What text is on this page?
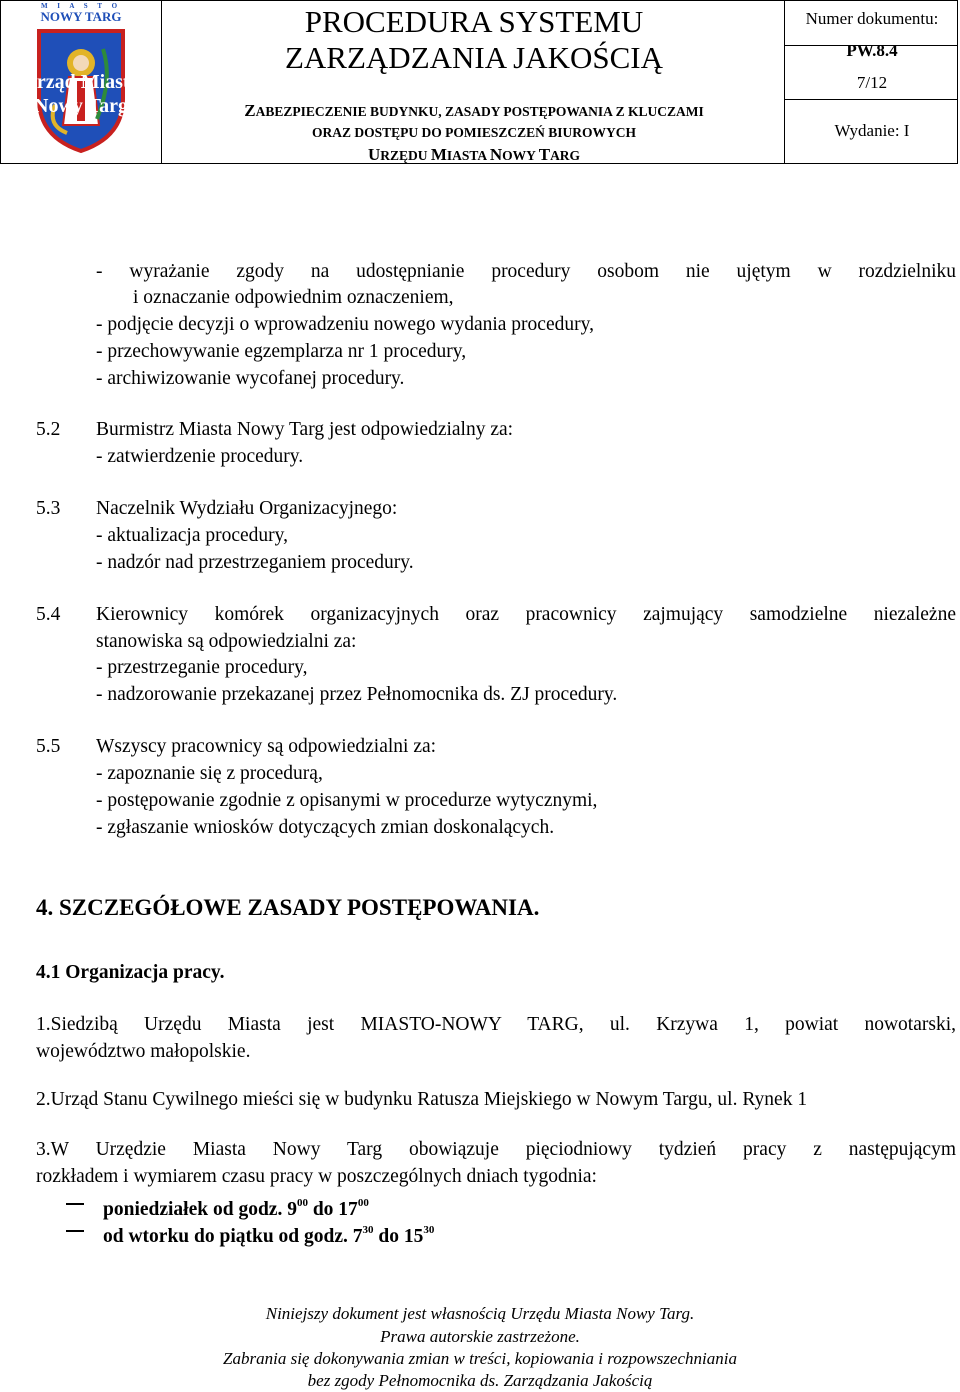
M I A S T O
NOWY TARG
Urząd Miasta
Nowy Targ
PROCEDURA SYSTEMU
ZARZĄDZANIA JAKOŚCIĄ
ZABEZPIECZENIE BUDYNKU, ZASADY POSTĘPOWANIA Z KLUCZAMI
ORAZ DOSTĘPU DO POMIESZCZEŃ BIUROWYCH
URZĘDU MIASTA NOWY TARG
Numer dokumentu:
PW.8.4
7/12
Wydanie: I
- wyrażanie zgody na udostępnianie procedury osobom nie ujętym w rozdzielniku
i oznaczanie odpowiednim oznaczeniem,
- podjęcie decyzji o wprowadzeniu nowego wydania procedury,
- przechowywanie egzemplarza nr 1 procedury,
- archiwizowanie wycofanej procedury.
5.2 Burmistrz Miasta Nowy Targ jest odpowiedzialny za:
- zatwierdzenie procedury.
5.3 Naczelnik Wydziału Organizacyjnego:
- aktualizacja procedury,
- nadzór nad przestrzeganiem procedury.
5.4 Kierownicy komórek organizacyjnych oraz pracownicy zajmujący samodzielne niezależne
stanowiska są odpowiedzialni za:
- przestrzeganie procedury,
- nadzorowanie przekazanej przez Pełnomocnika ds. ZJ procedury.
5.5 Wszyscy pracownicy są odpowiedzialni za:
- zapoznanie się z procedurą,
- postępowanie zgodnie z opisanymi w procedurze wytycznymi,
- zgłaszanie wniosków dotyczących zmian doskonalących.
4. SZCZEGÓŁOWE ZASADY POSTĘPOWANIA.
4.1 Organizacja pracy.
1.Siedzibą Urzędu Miasta jest MIASTO-NOWY TARG, ul. Krzywa 1, powiat nowotarski,
województwo małopolskie.
2.Urząd Stanu Cywilnego mieści się w budynku Ratusza Miejskiego w Nowym Targu, ul. Rynek 1
3.W Urzędzie Miasta Nowy Targ obowiązuje pięciodniowy tydzień pracy z następującym
rozkładem i wymiarem czasu pracy w poszczególnych dniach tygodnia:
poniedziałek od godz. $9^{00}$ do $17^{00}$
od wtorku do piątku od godz. $7^{30}$ do $15^{30}$
Niniejszy dokument jest własnością Urzędu Miasta Nowy Targ.
Prawa autorskie zastrzeżone.
Zabrania się dokonywania zmian w treści, kopiowania i rozpowszechniania
bez zgody Pełnomocnika ds. Zarządzania Jakością
